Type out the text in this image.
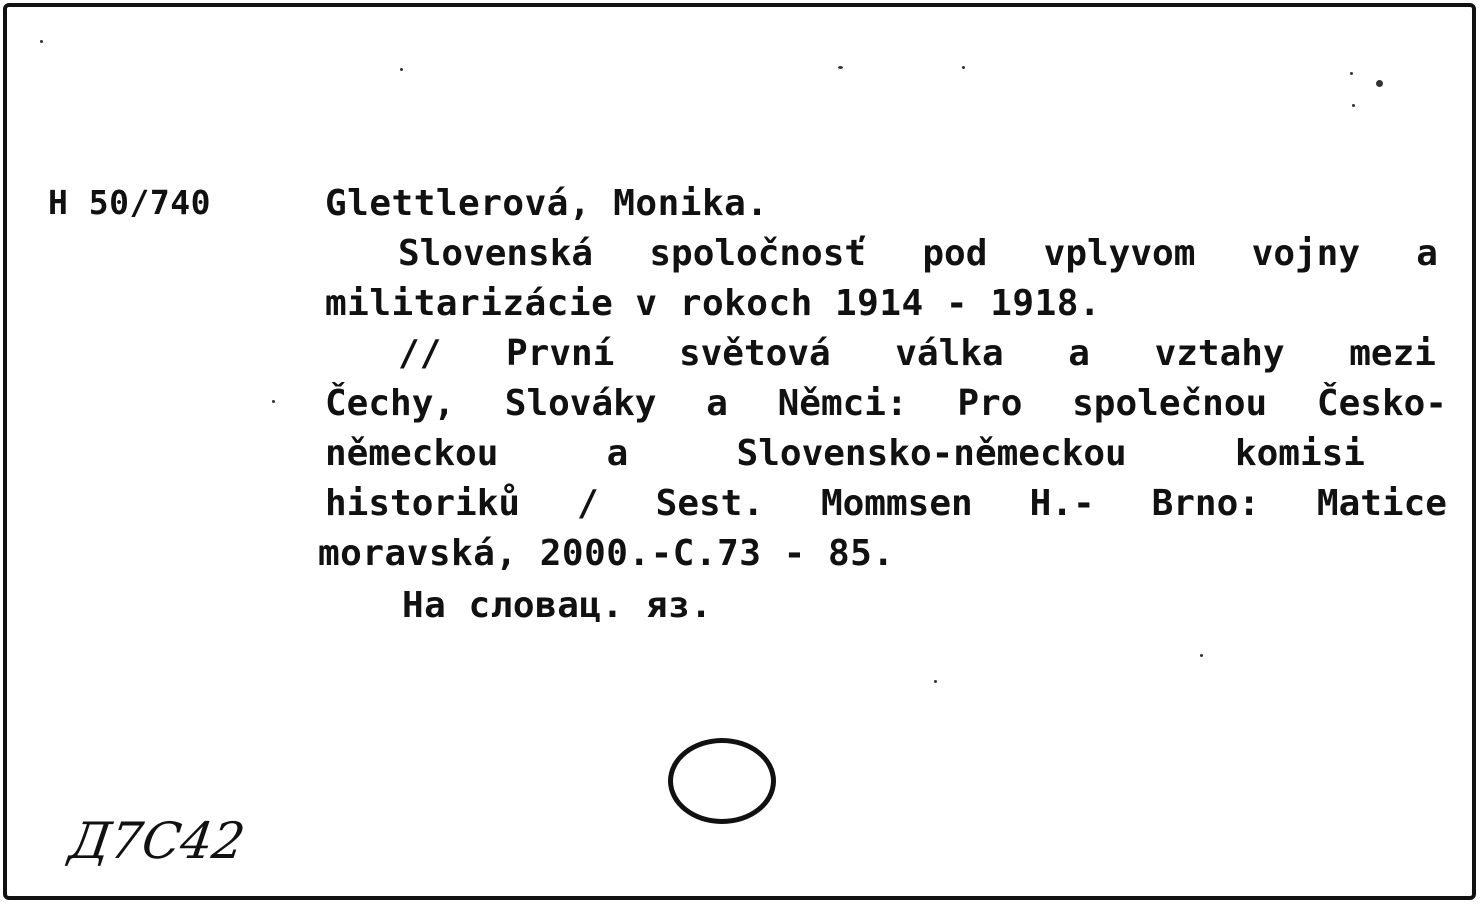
H 50/740	Glettlerová, Monika.
Slovenská spoločnosť pod vplyvom vojny a
militarizácie v rokoch 1914 - 1918.
// První světová válka a vztahy mezi
Čechy, Slováky a Němci: Pro společnou Česko-
německou	a	Slovensko-německou	komisi
historiků / Sest. Mommsen H.- Brno: Matice
moravská, 2000.-C.73 - 85.
На словац. яз.
Д7С42
